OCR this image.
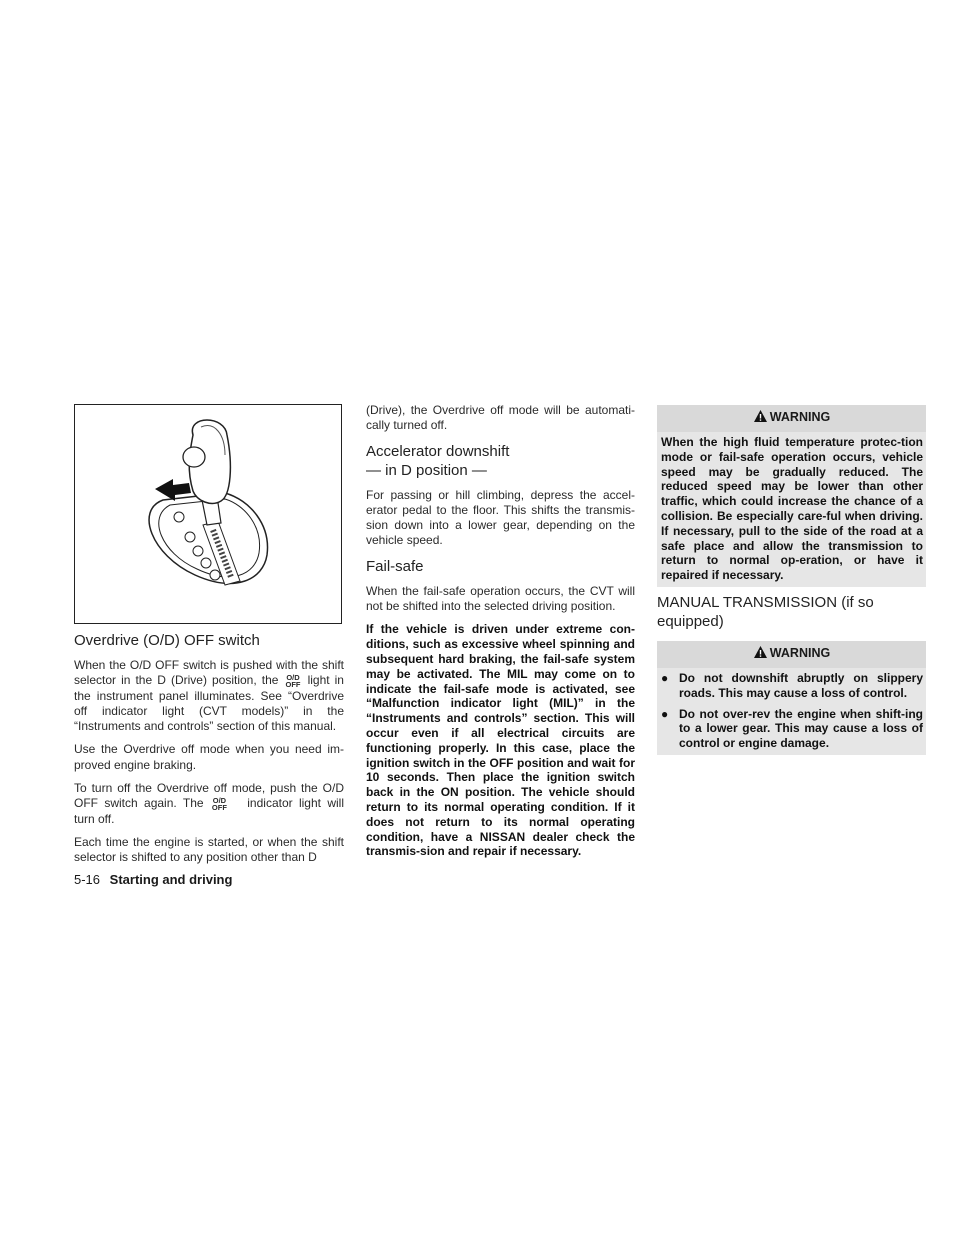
Overdrive (O/D) OFF switch

When the O/D OFF switch is pushed with the shift selector in the D (Drive) position, the O/D
OFF light in the instrument panel illuminates. See “Overdrive off indicator light (CVT models)” in the “Instruments and controls” section of this manual.

Use the Overdrive off mode when you need im-proved engine braking.

To turn off the Overdrive off mode, push the O/D OFF switch again. The O/D
OFF indicator light will turn off.

Each time the engine is started, or when the shift selector is shifted to any position other than D

(Drive), the Overdrive off mode will be automati-cally turned off.

Accelerator downshift
— in D position —

For passing or hill climbing, depress the accel-erator pedal to the floor. This shifts the transmis-sion down into a lower gear, depending on the vehicle speed.

Fail-safe

When the fail-safe operation occurs, the CVT will not be shifted into the selected driving position.

If the vehicle is driven under extreme con-ditions, such as excessive wheel spinning and subsequent hard braking, the fail-safe system may be activated. The MIL may come on to indicate the fail-safe mode is activated, see “Malfunction indicator light (MIL)” in the “Instruments and controls” section. This will occur even if all electrical circuits are functioning properly. In this case, place the ignition switch in the OFF position and wait for 10 seconds. Then place the ignition switch back in the ON position. The vehicle should return to its normal operating condition. If it does not return to its normal operating condition, have a NISSAN dealer check the transmis-sion and repair if necessary.

WARNING
When the high fluid temperature protec-tion mode or fail-safe operation occurs, vehicle speed may be gradually reduced. The reduced speed may be lower than other traffic, which could increase the chance of a collision. Be especially care-ful when driving. If necessary, pull to the side of the road at a safe place and allow the transmission to return to normal op-eration, or have it repaired if necessary.
MANUAL TRANSMISSION (if so equipped)
WARNING
● Do not downshift abruptly on slippery roads. This may cause a loss of control.
● Do not over-rev the engine when shift-ing to a lower gear. This may cause a loss of control or engine damage.
5-16 Starting and driving
